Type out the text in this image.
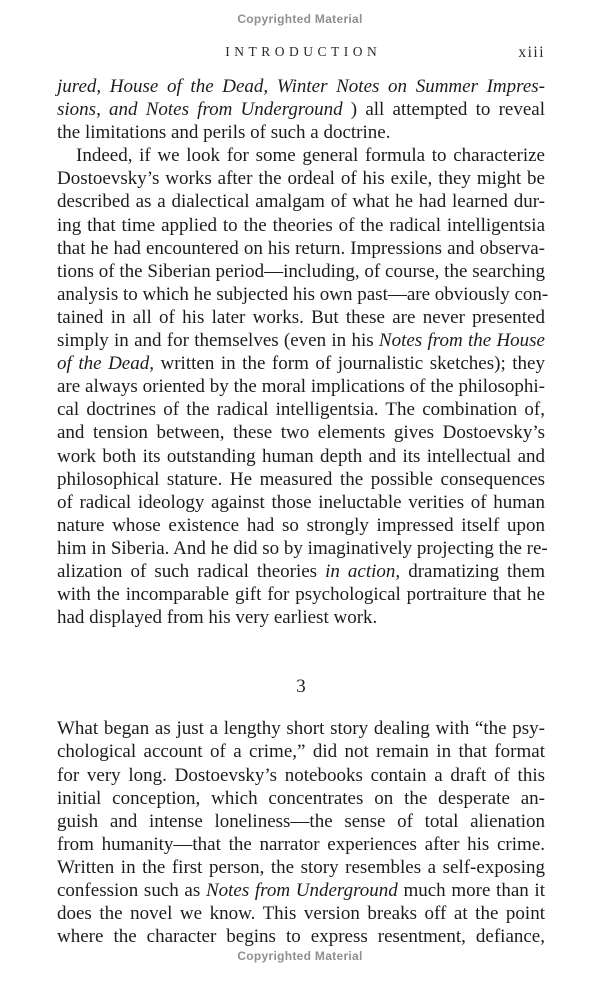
Copyrighted Material
INTRODUCTION	xiii
jured, House of the Dead, Winter Notes on Summer Impres-
sions, and Notes from Underground ) all attempted to reveal
the limitations and perils of such a doctrine.
Indeed, if we look for some general formula to characterize
Dostoevsky’s works after the ordeal of his exile, they might be
described as a dialectical amalgam of what he had learned dur-
ing that time applied to the theories of the radical intelligentsia
that he had encountered on his return. Impressions and observa-
tions of the Siberian period—including, of course, the searching
analysis to which he subjected his own past—are obviously con-
tained in all of his later works. But these are never presented
simply in and for themselves (even in his Notes from the House
of the Dead, written in the form of journalistic sketches); they
are always oriented by the moral implications of the philosophi-
cal doctrines of the radical intelligentsia. The combination of,
and tension between, these two elements gives Dostoevsky’s
work both its outstanding human depth and its intellectual and
philosophical stature. He measured the possible consequences
of radical ideology against those ineluctable verities of human
nature whose existence had so strongly impressed itself upon
him in Siberia. And he did so by imaginatively projecting the re-
alization of such radical theories in action, dramatizing them
with the incomparable gift for psychological portraiture that he
had displayed from his very earliest work.
3
What began as just a lengthy short story dealing with “the psy-
chological account of a crime,” did not remain in that format
for very long. Dostoevsky’s notebooks contain a draft of this
initial conception, which concentrates on the desperate an-
guish and intense loneliness—the sense of total alienation
from humanity—that the narrator experiences after his crime.
Written in the first person, the story resembles a self-exposing
confession such as Notes from Underground much more than it
does the novel we know. This version breaks off at the point
where the character begins to express resentment, defiance,
Copyrighted Material
